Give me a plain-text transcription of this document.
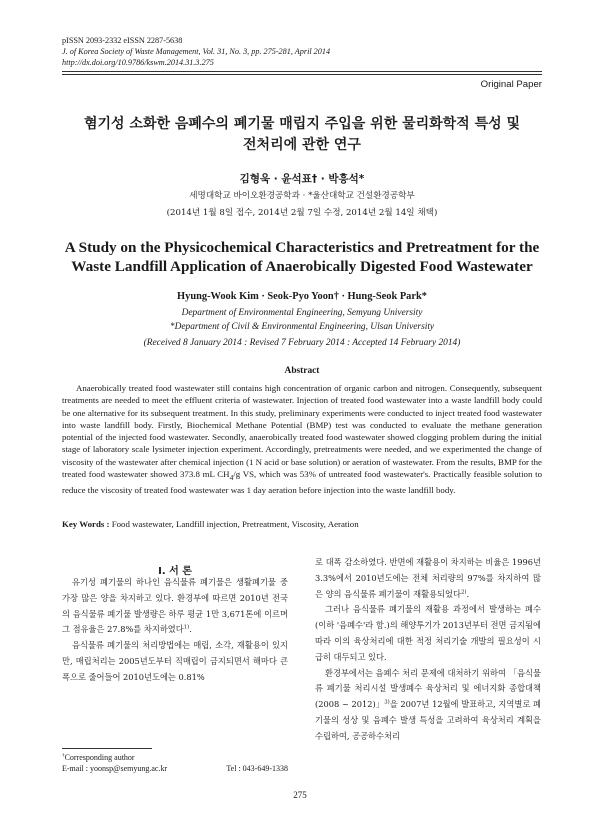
pISSN 2093-2332 eISSN 2287-5638
J. of Korea Society of Waste Management, Vol. 31, No. 3, pp. 275-281, April 2014
http://dx.doi.org/10.9786/kswm.2014.31.3.275
Original Paper
혐기성 소화한 음폐수의 폐기물 매립지 주입을 위한 물리화학적 특성 및
전처리에 관한 연구
김형욱 · 윤석표† · 박흥석*
세명대학교 바이오환경공학과 · *울산대학교 건설환경공학부
(2014년 1월 8일 접수, 2014년 2월 7일 수정, 2014년 2월 14일 채택)
A Study on the Physicochemical Characteristics and Pretreatment for the
Waste Landfill Application of Anaerobically Digested Food Wastewater
Hyung-Wook Kim · Seok-Pyo Yoon† · Hung-Seok Park*
Department of Environmental Engineering, Semyung University
*Department of Civil & Environmental Engineering, Ulsan University
(Received 8 January 2014 : Revised 7 February 2014 : Accepted 14 February 2014)
Abstract
Anaerobically treated food wastewater still contains high concentration of organic carbon and nitrogen. Consequently, subsequent treatments are needed to meet the effluent criteria of wastewater. Injection of treated food wastewater into a waste landfill body could be one alternative for its subsequent treatment. In this study, preliminary experiments were conducted to inject treated food wastewater into waste landfill body. Firstly, Biochemical Methane Potential (BMP) test was conducted to evaluate the methane generation potential of the injected food wastewater. Secondly, anaerobically treated food wastewater showed clogging problem during the initial stage of laboratory scale lysimeter injection experiment. Accordingly, pretreatments were needed, and we experimented the change of viscosity of the wastewater after chemical injection (1 N acid or base solution) or aeration of wastewater. From the results, BMP for the treated food wastewater showed 373.8 mL $CH_4/g$ VS, which was 53% of untreated food wastewater's. Practically feasible solution to reduce the viscosity of treated food wastewater was 1 day aeration before injection into the waste landfill body.
Key Words : Food wastewater, Landfill injection, Pretreatment, Viscosity, Aeration
I. 서 론

유기성 폐기물의 하나인 음식물류 폐기물은 생활폐기물 중 가장 많은 양을 차지하고 있다. 환경부에 따르면 2010년 전국의 음식물류 폐기물 발생량은 하루 평균 1만 3,671톤에 이르며 그 점유율은 27.8%를 차지하였다$^{1)}$.

음식물류 폐기물의 처리방법에는 매립, 소각, 재활용이 있지만, 매립처리는 2005년도부터 직매립이 금지되면서 해마다 큰 폭으로 줄어들어 2010년도에는 0.81%

로 대폭 감소하였다. 반면에 재활용이 차지하는 비율은 1996년 3.3%에서 2010년도에는 전체 처리량의 97%를 차지하여 많은 양의 음식물류 폐기물이 재활용되었다$^{2)}$.

그러나 음식물류 폐기물의 재활용 과정에서 발생하는 폐수(이하 '음폐수'라 함.)의 해양투기가 2013년부터 전면 금지됨에 따라 이의 육상처리에 대한 적정 처리기술 개발의 필요성이 시급히 대두되고 있다.

환경부에서는 음폐수 처리 문제에 대처하기 위하여 「음식물류 폐기물 처리시설 발생폐수 육상처리 및 에너지화 종합대책 (2008 ~ 2012)」$^{3)}$을 2007년 12월에 발표하고, 지역별로 폐기물의 성상 및 음폐수 발생 특성을 고려하여 육상처리 계획을 수립하여, 공공하수처리

†Corresponding author
E-mail : yoonsp@semyung.ac.kr	Tel : 043-649-1338
275
